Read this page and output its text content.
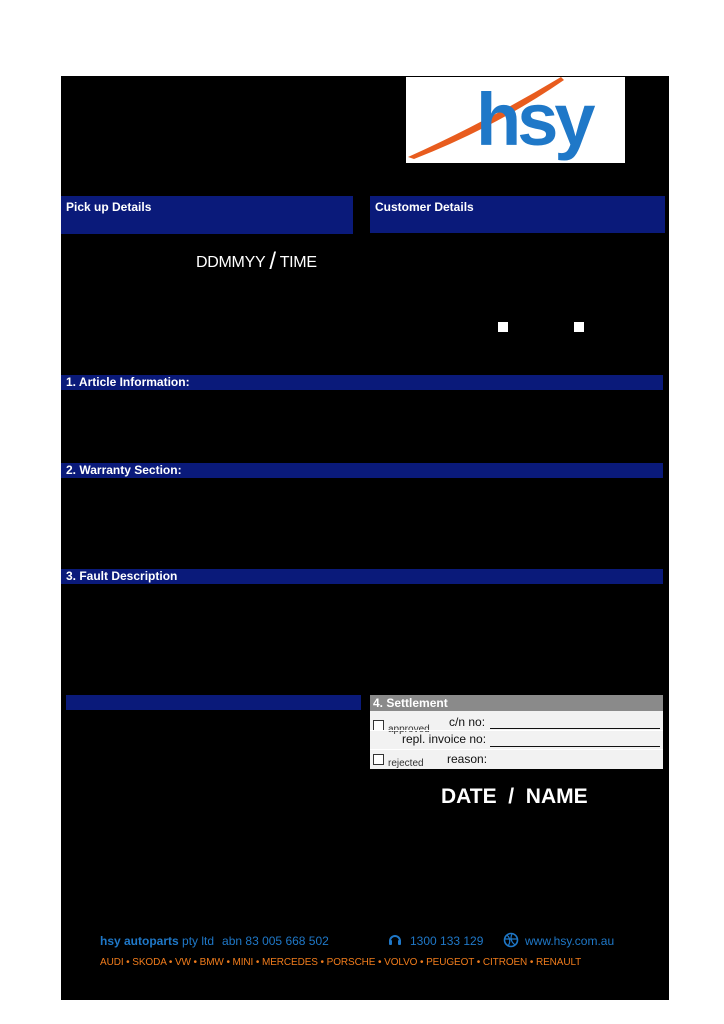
hsy
Pick up Details	Customer Details
DDMMYY / TIME
1. Article Information:
2. Warranty Section:
3. Fault Description
4. Settlement
c/n no:
repl. invoice no:
rejected reason:
DATE  /  NAME
hsy autoparts pty ltd abn 83 005 668 502	1300 133 129	www.hsy.com.au
AUDI • SKODA • VW • BMW • MINI • MERCEDES • PORSCHE • VOLVO • PEUGEOT • CITROEN • RENAULT
